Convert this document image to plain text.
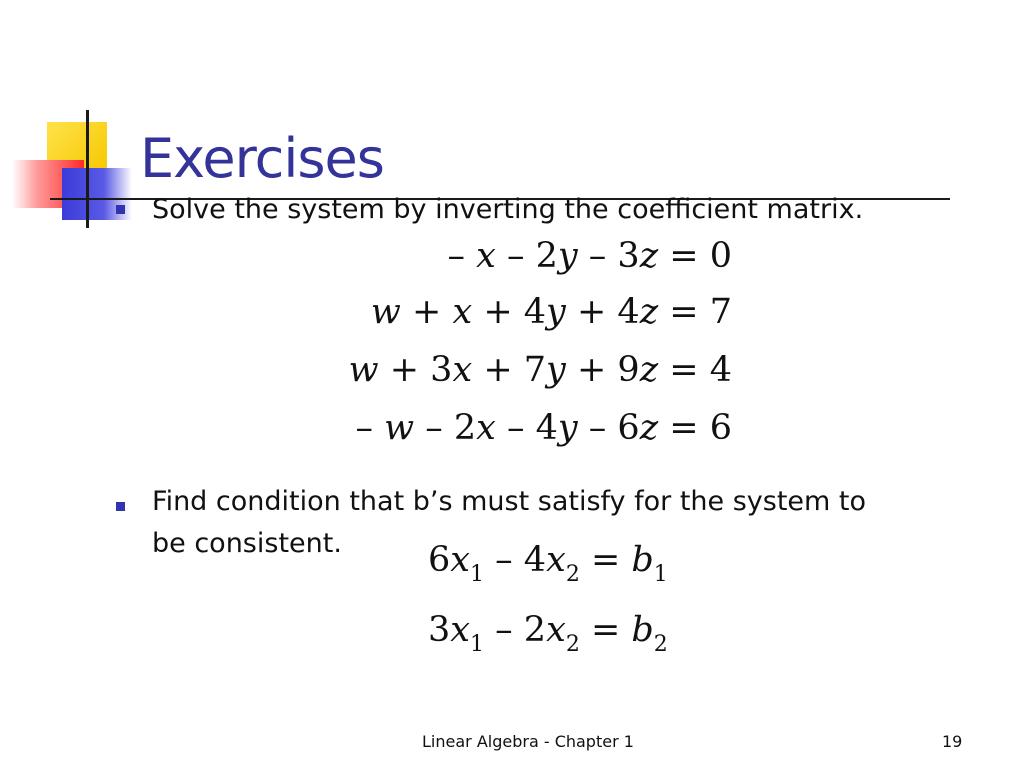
Exercises
Solve the system by inverting the coefficient matrix.
– x – 2y – 3z = 0
w + x + 4y + 4z = 7
w + 3x + 7y + 9z = 4
– w – 2x – 4y – 6z = 6
Find condition that b’s must satisfy for the system to
be consistent. $6x_1 - 4x_2 = b_1$
$3x_1 - 2x_2 = b_2$
Linear Algebra - Chapter 1	19
